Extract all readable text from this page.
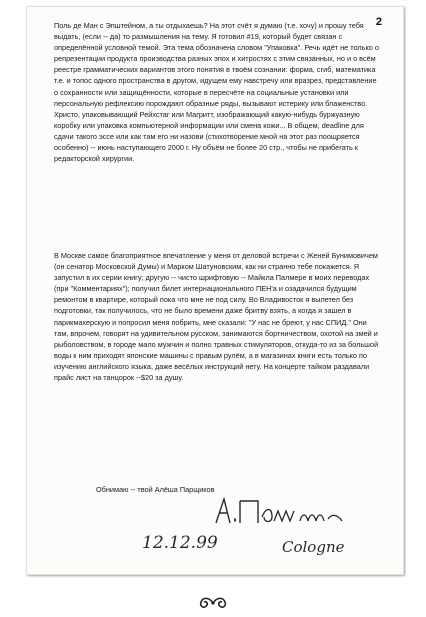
2

Поль де Ман с Эпштейном, а ты отдыхаешь? На этот счёт я думаю (т.е. хочу) и прошу тебя выдать, (если -- да) то размышления на тему. Я готовил #19, который будет связан с определённой условной темой. Эта тема обозначена словом "Упаковка". Речь идёт не только о репрезентации продукта производства разных эпох и хитростях с этим связанных, но и о всём реестре грамматических вариантов этого понятия в твоём сознании: форма, сгиб, математика т.е. и топос одного пространства в другом, идущем ему навстречу или вразрез, представление о сохранности или защищённости, которые в пересчёте на социальные установки или персональную рефлексию порождают образные ряды, вызывают истерику или блаженство. Христо, упаковывающий Рейхстаг или Магритт, изображающий какую-нибудь буржуазную коробку или упаковка компьютерной информации или смена кожи... В общем, deadline для сдачи такого эссе или как там его ни назови (стихотворение мной на этот раз поощряется особенно) -- июнь наступающего 2000 г. Ну объём не более 20 стр., чтобы не прибегать к редакторской хирургии.

В Москве самое благоприятное впечатление у меня от деловой встречи с Женей Бунимовичем (он сенатор Московской Думы) и Марком Шатуновским, как ни странно тебе покажется. Я запустил в их серии книгу; другую -- чисто шрифтовую -- Майкла Палмере в моих переводах (при "Комментариях"); получил билет интернационального ПЕН'а и озадачился будущим ремонтом в квартире, который пока что мне не под силу. Во Владивосток я вылетел без подготовки, так получилось, что не было времени даже бритву взять, а когда я зашел в парикмахерскую и попросил меня побрить, мне сказали: "У нас не бреют, у нас СПИД." Они там, впрочем, говорят на удивительном русском, занимаются бортничеством, охотой на змей и рыболовством, в городе мало мужчин и полно травных стимуляторов, откуда-то из за большой воды к ним приходят японские машины с правым рулём, а в магазинах книги есть только по изучению английского языка, даже весёлых инструкций нету. На концерте тайком раздавали прайс лист на танцорок --$20 за душу.

Обнимаю -- твой Алёша Парщиков
12.12.99	Cologne
